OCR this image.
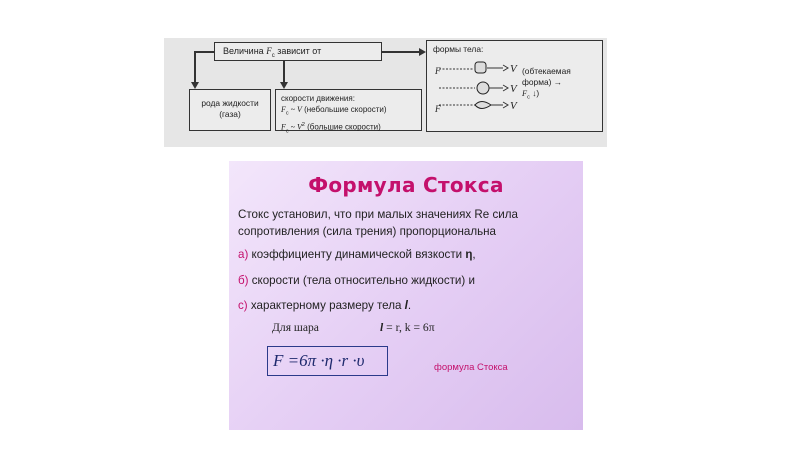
Величина $F_c$ зависит от
рода жидкости
(газа)
скорости движения:
$F_c$ ~ V (небольшие скорости)
$F_c$ ~ $V^2$ (большие скорости)
формы тела:
F	V
V
F	V
(обтекаемая
форма) →
$F_c$ ↓)
Формула Стокса
Стокс установил, что при малых значениях Re сила сопротивления (сила трения) пропорциональна
а) коэффициенту динамической вязкости η,
б) скорости (тела относительно жидкости) и
с) характерному размеру тела l.
Для шара	l = r, k = 6π
F =6π ·η ·r ·υ	формула Стокса
